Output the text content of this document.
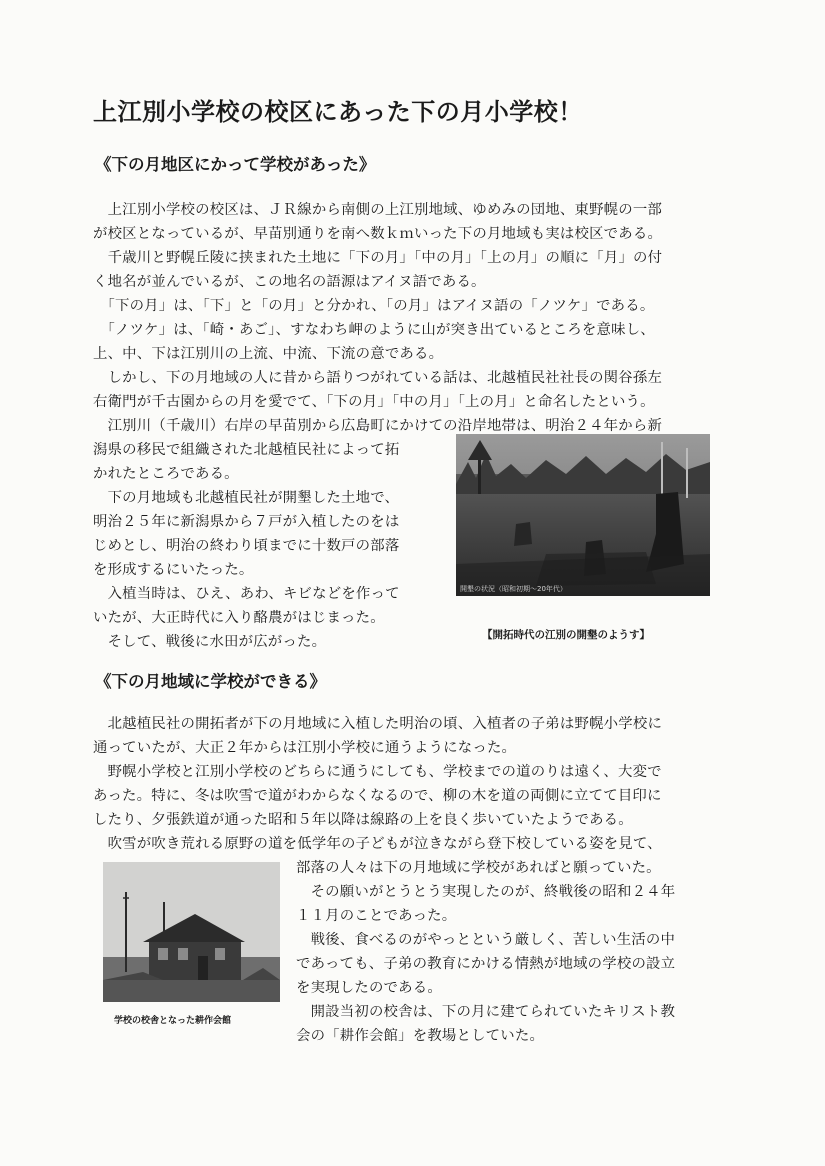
上江別小学校の校区にあった下の月小学校！
《下の月地区にかって学校があった》

　上江別小学校の校区は、ＪＲ線から南側の上江別地域、ゆめみの団地、東野幌の一部

が校区となっているが、早苗別通りを南へ数ｋｍいった下の月地域も実は校区である。

　千歳川と野幌丘陵に挟まれた土地に「下の月」「中の月」「上の月」の順に「月」の付

く地名が並んでいるが、この地名の語源はアイヌ語である。

　「下の月」は、「下」と「の月」と分かれ、「の月」はアイヌ語の「ノツケ」である。

　「ノツケ」は、「崎・あご」、すなわち岬のように山が突き出ているところを意味し、

上、中、下は江別川の上流、中流、下流の意である。

　しかし、下の月地域の人に昔から語りつがれている話は、北越植民社社長の関谷孫左

右衛門が千古園からの月を愛でて、「下の月」「中の月」「上の月」と命名したという。

　江別川（千歳川）右岸の早苗別から広島町にかけての沿岸地帯は、明治２４年から新

潟県の移民で組織された北越植民社によって拓

かれたところである。

　下の月地域も北越植民社が開墾した土地で、

明治２５年に新潟県から７戸が入植したのをは

じめとし、明治の終わり頃までに十数戸の部落

を形成するにいたった。

　入植当時は、ひえ、あわ、キビなどを作って

いたが、大正時代に入り酪農がはじまった。

　そして、戦後に水田が広がった。

開墾の状況（昭和初期～20年代）
【開拓時代の江別の開墾のようす】
《下の月地域に学校ができる》

　北越植民社の開拓者が下の月地域に入植した明治の頃、入植者の子弟は野幌小学校に

通っていたが、大正２年からは江別小学校に通うようになった。

　野幌小学校と江別小学校のどちらに通うにしても、学校までの道のりは遠く、大変で

あった。特に、冬は吹雪で道がわからなくなるので、柳の木を道の両側に立てて目印に

したり、夕張鉄道が通った昭和５年以降は線路の上を良く歩いていたようである。

　吹雪が吹き荒れる原野の道を低学年の子どもが泣きながら登下校している姿を見て、

部落の人々は下の月地域に学校があればと願っていた。

　その願いがとうとう実現したのが、終戦後の昭和２４年

１１月のことであった。

　戦後、食べるのがやっとという厳しく、苦しい生活の中

であっても、子弟の教育にかける情熱が地域の学校の設立

を実現したのである。

　開設当初の校舎は、下の月に建てられていたキリスト教

会の「耕作会館」を教場としていた。

学校の校舎となった耕作会館
